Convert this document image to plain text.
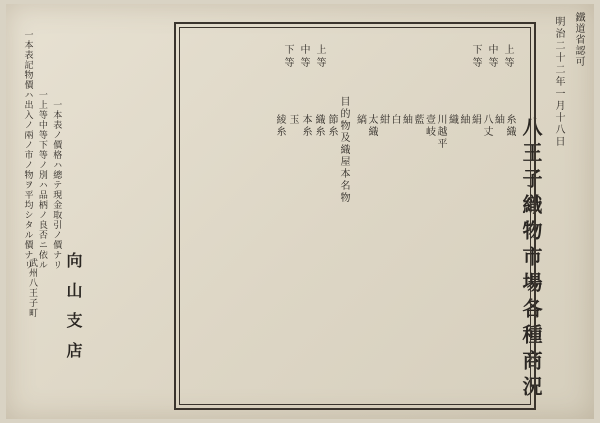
鐵道省認可
明治二十二年一月十八日
八王子織物市場各種商況
上等
中等
下等
糸織
紬
八丈
絹
紬
織
川越平
壹岐
藍
紬
白
紺
太織
縞
目的物及織屋本名物
上等
中等
下等
節糸
織糸
本糸
玉
綾糸
一本表記物價ハ出入ノ兩ノ市ノ物ヲ平均シタル價ナリ 一上等中等下等ノ別ハ品柄ノ良否ニ依ル 一本表ノ價格ハ總テ現金取引ノ價ナリ
武州八王子町 向山支店
